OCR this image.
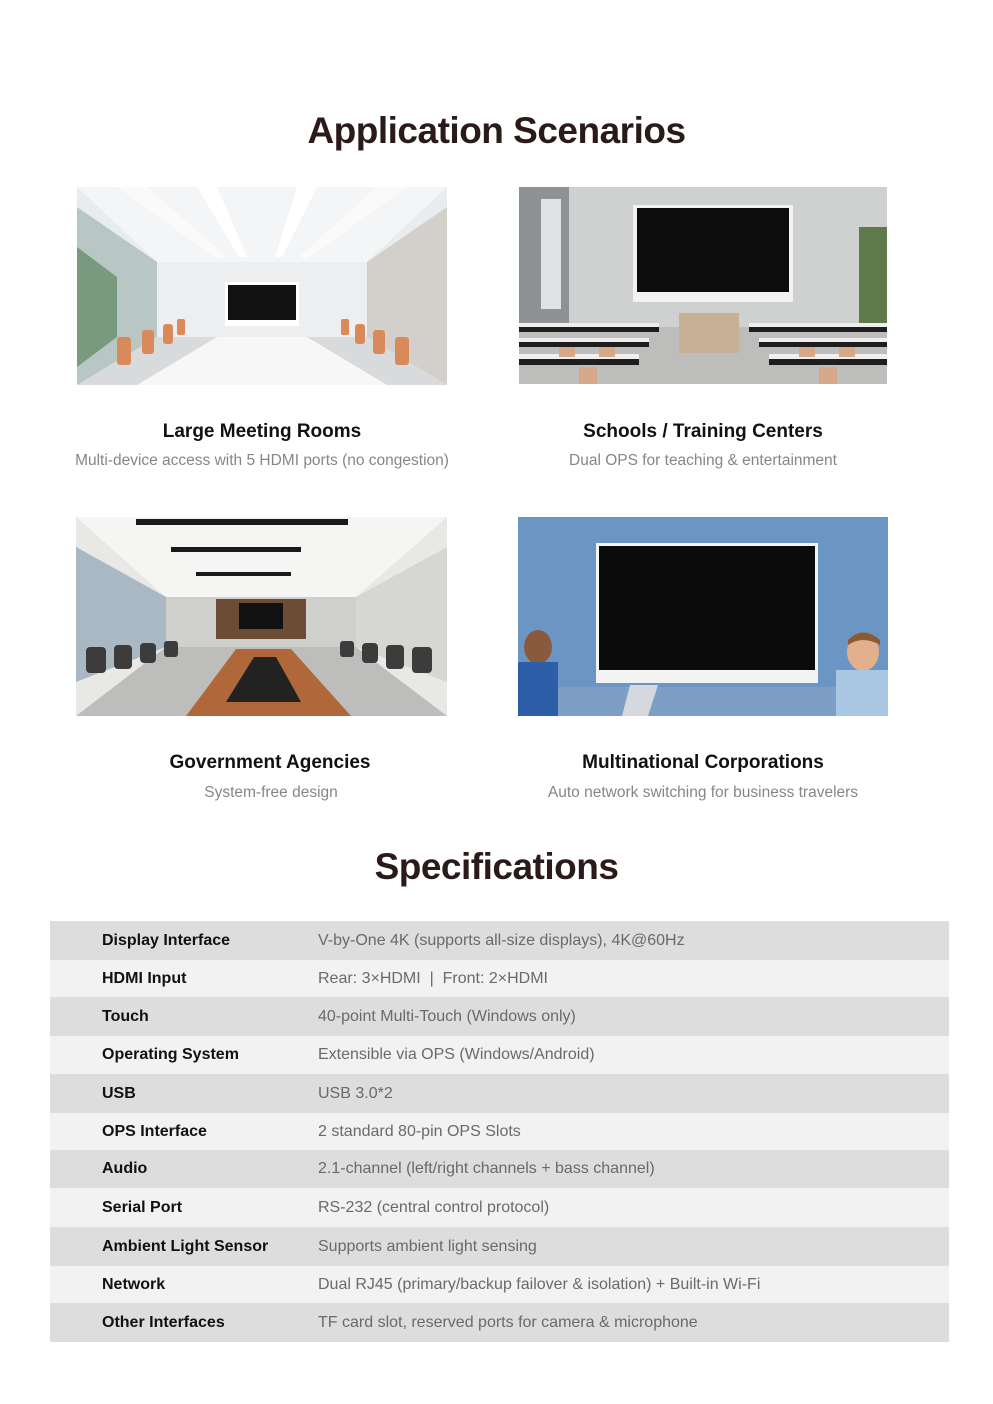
Application Scenarios
Large Meeting Rooms
Multi-device access with 5 HDMI ports (no congestion)
Schools / Training Centers
Dual OPS for teaching & entertainment
Government Agencies
System-free design
Multinational Corporations
Auto network switching for business travelers
Specifications
Display Interface	V-by-One 4K (supports all-size displays), 4K@60Hz
HDMI Input	Rear: 3×HDMI  |  Front: 2×HDMI
Touch	40-point Multi-Touch (Windows only)
Operating System	Extensible via OPS (Windows/Android)
USB	USB 3.0*2
OPS Interface	2 standard 80-pin OPS Slots
Audio	2.1-channel (left/right channels + bass channel)
Serial Port	RS-232 (central control protocol)
Ambient Light Sensor	Supports ambient light sensing
Network	Dual RJ45 (primary/backup failover & isolation) + Built-in Wi-Fi
Other Interfaces	TF card slot, reserved ports for camera & microphone
